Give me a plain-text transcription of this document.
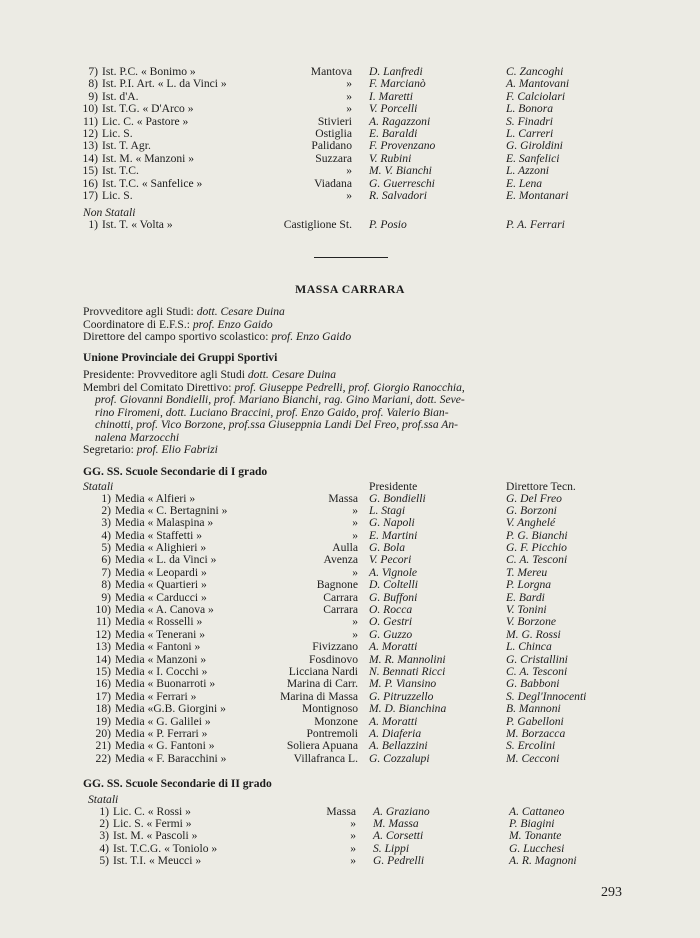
7) Ist. P.C. « Bonimo »	Mantova D. Lanfredi	C. Zancoghi
8) Ist. P.I. Art. « L. da Vinci »	» F. Marcianò	A. Mantovani
9) Ist. d'A.	» I. Maretti	F. Calciolari
10) Ist. T.G. « D'Arco »	» V. Porcelli	L. Bonora
11) Lic. C. « Pastore »	Stivieri A. Ragazzoni	S. Finadri
12) Lic. S.	Ostiglia E. Baraldi	L. Carreri
13) Ist. T. Agr.	Palidano F. Provenzano	G. Giroldini
14) Ist. M. « Manzoni »	Suzzara V. Rubini	E. Sanfelici
15) Ist. T.C.	» M. V. Bianchi	L. Azzoni
16) Ist. T.C. « Sanfelice »	Viadana G. Guerreschi	E. Lena
17) Lic. S.	» R. Salvadori	E. Montanari
Non Statali
1) Ist. T. « Volta »	Castiglione St. P. Posio	P. A. Ferrari
MASSA CARRARA
Provveditore agli Studi: dott. Cesare Duina
Coordinatore di E.F.S.: prof. Enzo Gaido
Direttore del campo sportivo scolastico: prof. Enzo Gaido
Unione Provinciale dei Gruppi Sportivi
Presidente: Provveditore agli Studi dott. Cesare Duina
Membri del Comitato Direttivo: prof. Giuseppe Pedrelli, prof. Giorgio Ranocchia,
prof. Giovanni Bondielli, prof. Mariano Bianchi, rag. Gino Mariani, dott. Seve-
rino Firomeni, dott. Luciano Braccini, prof. Enzo Gaido, prof. Valerio Bian-
chinotti, prof. Vico Borzone, prof.ssa Giuseppnia Landi Del Freo, prof.ssa An-
nalena Marzocchi
Segretario: prof. Elio Fabrizi
GG. SS. Scuole Secondarie di I grado
Statali	Presidente	Direttore Tecn.
1) Media « Alfieri »	Massa G. Bondielli	G. Del Freo
2) Media « C. Bertagnini »	» L. Stagi	G. Borzoni
3) Media « Malaspina »	» G. Napoli	V. Anghelé
4) Media « Staffetti »	» E. Martini	P. G. Bianchi
5) Media « Alighieri »	Aulla G. Bola	G. F. Picchio
6) Media « L. da Vinci »	Avenza V. Pecori	C. A. Tesconi
7) Media « Leopardi »	» A. Vignole	T. Mereu
8) Media « Quartieri »	Bagnone D. Coltelli	P. Lorgna
9) Media « Carducci »	Carrara G. Buffoni	E. Bardi
10) Media « A. Canova »	Carrara O. Rocca	V. Tonini
11) Media « Rosselli »	» O. Gestri	V. Borzone
12) Media « Tenerani »	» G. Guzzo	M. G. Rossi
13) Media « Fantoni »	Fivizzano A. Moratti	L. Chinca
14) Media « Manzoni »	Fosdinovo M. R. Mannolini	G. Cristallini
15) Media « I. Cocchi »	Licciana Nardi N. Bennati Ricci	C. A. Tesconi
16) Media « Buonarroti »	Marina di Carr. M. P. Viansino	G. Babboni
17) Media « Ferrari »	Marina di Massa G. Pitruzzello	S. Degl'Innocenti
18) Media «G.B. Giorgini »	Montignoso M. D. Bianchina	B. Mannoni
19) Media « G. Galilei »	Monzone A. Moratti	P. Gabelloni
20) Media « P. Ferrari »	Pontremoli A. Diaferia	M. Borzacca
21) Media « G. Fantoni »	Soliera Apuana A. Bellazzini	S. Ercolini
22) Media « F. Baracchini »	Villafranca L. G. Cozzalupi	M. Cecconi
GG. SS. Scuole Secondarie di II grado
Statali
1) Lic. C. « Rossi »	Massa A. Graziano	A. Cattaneo
2) Lic. S. « Fermi »	» M. Massa	P. Biagini
3) Ist. M. « Pascoli »	» A. Corsetti	M. Tonante
4) Ist. T.C.G. « Toniolo »	» S. Lippi	G. Lucchesi
5) Ist. T.I. « Meucci »	» G. Pedrelli	A. R. Magnoni
293
